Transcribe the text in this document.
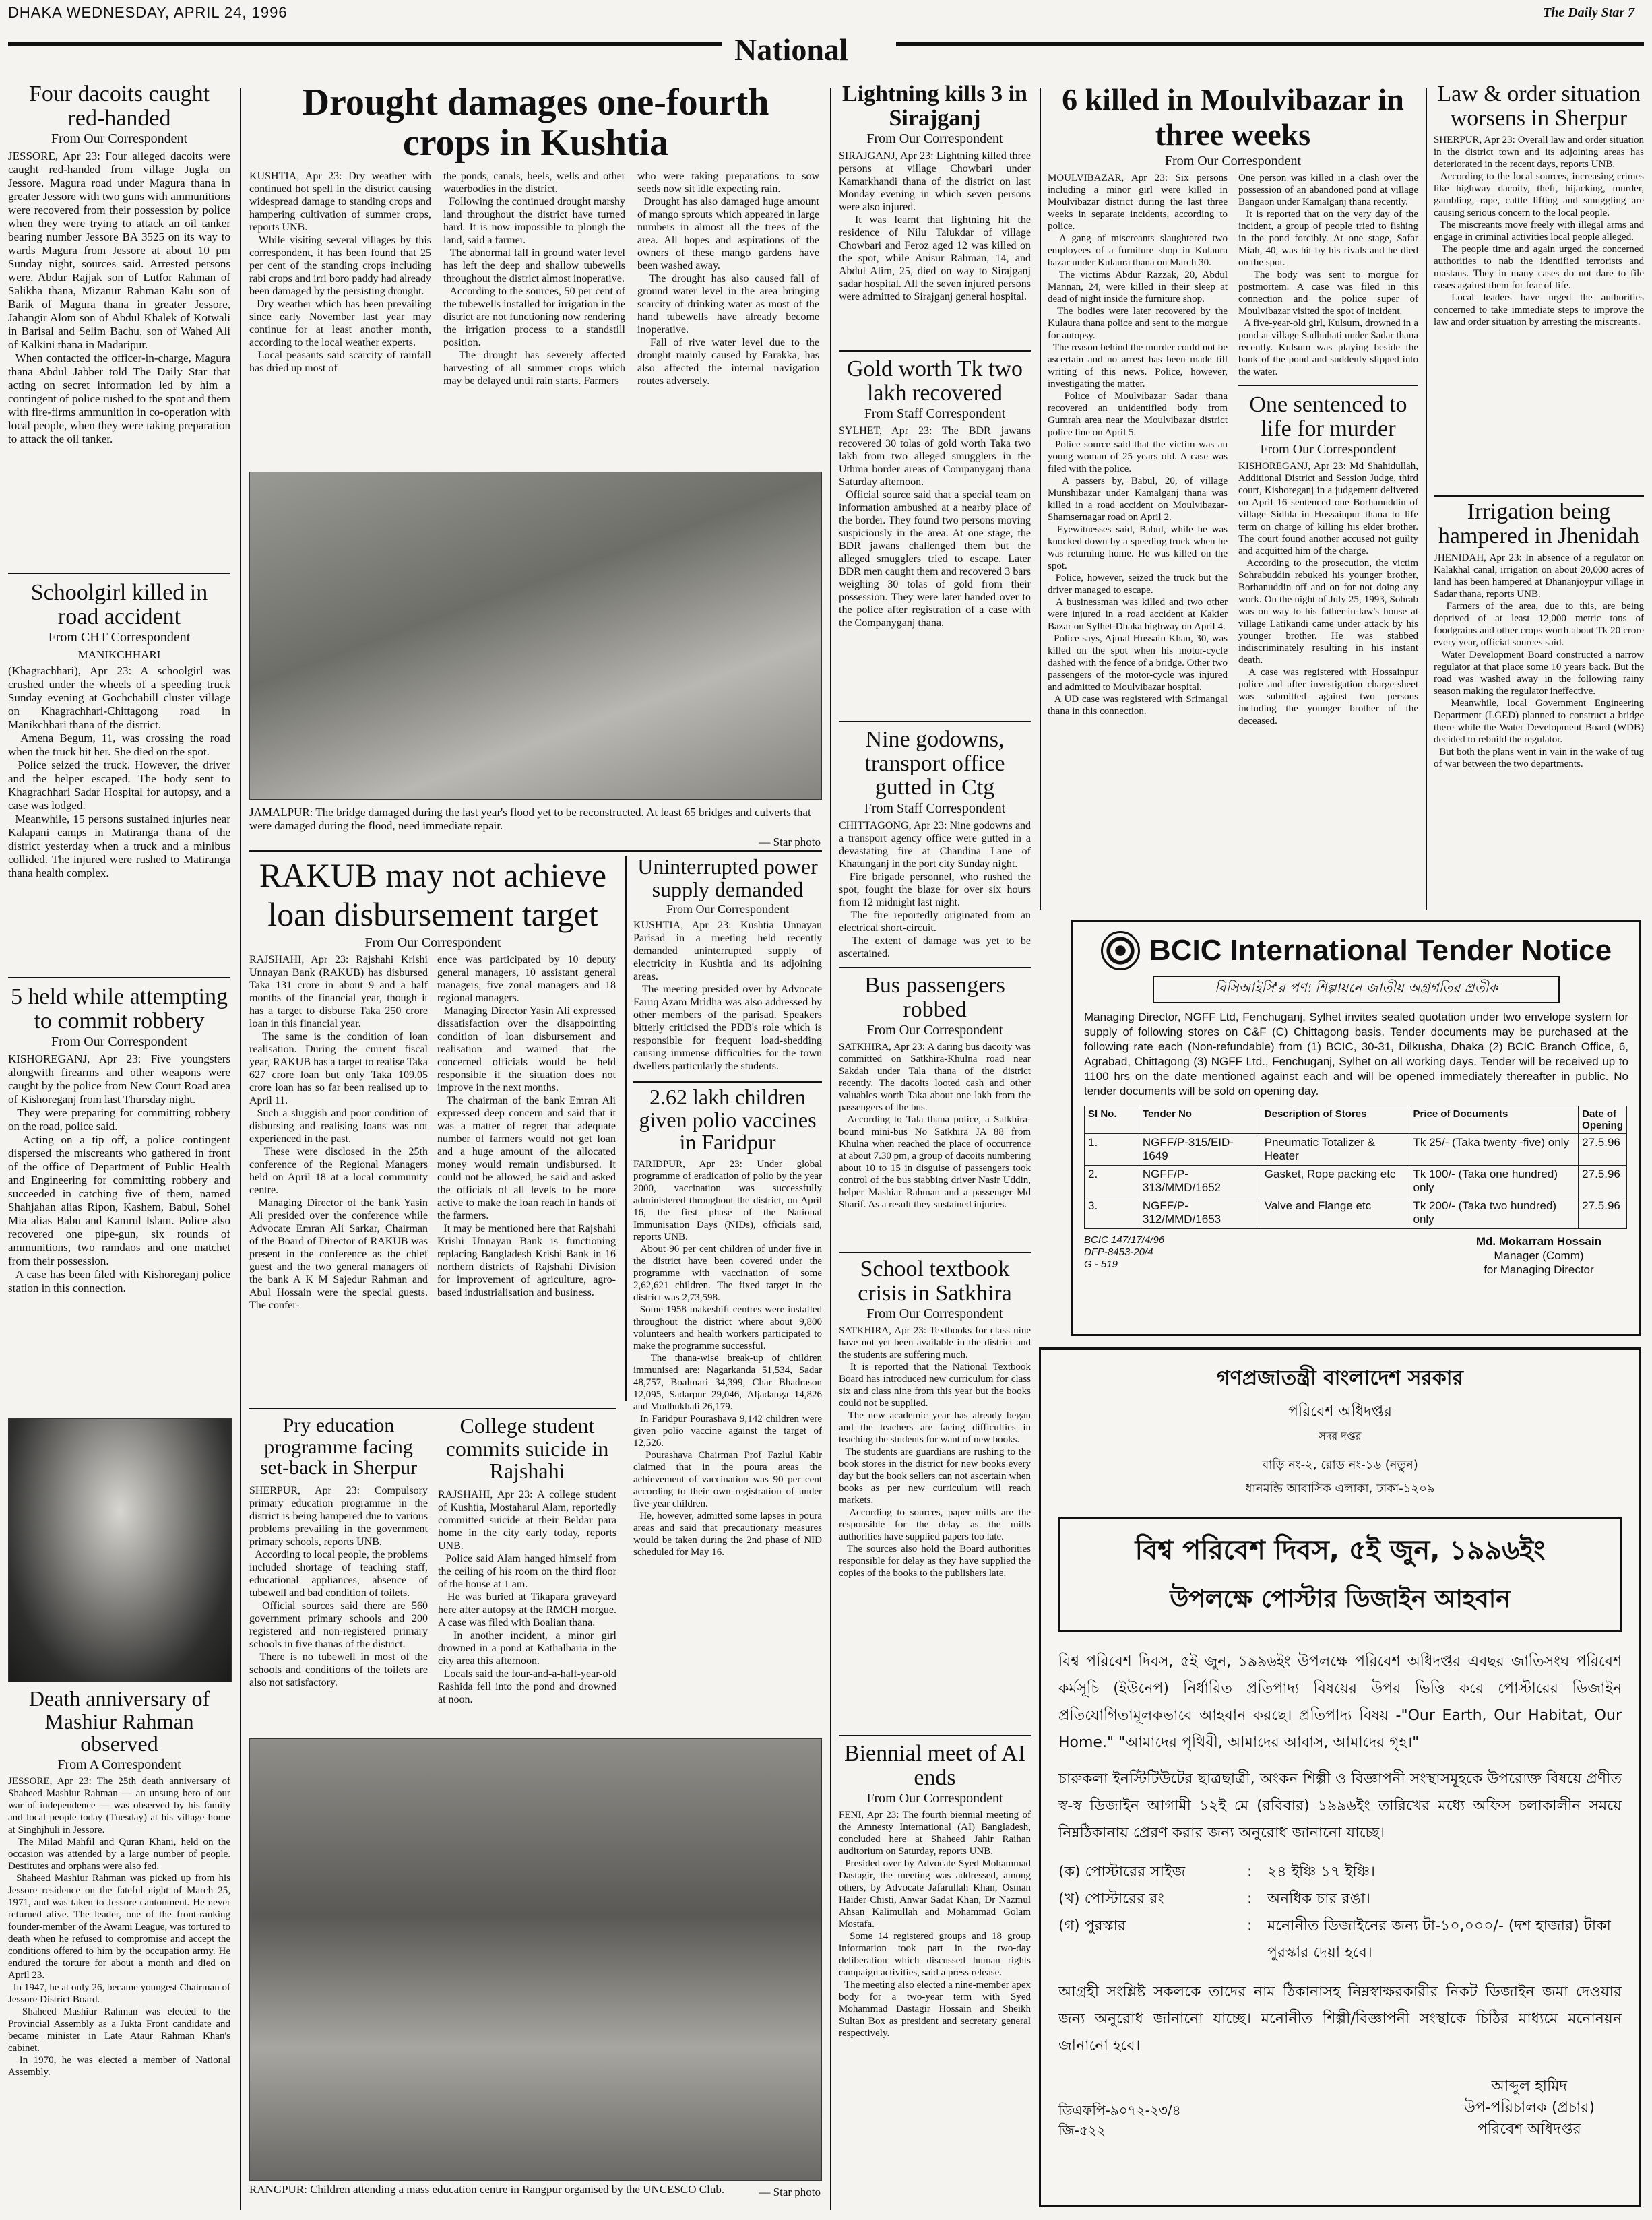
DHAKA WEDNESDAY, APRIL 24, 1996
National
The Daily Star 7
Four dacoits caught red-handed
From Our Correspondent

JESSORE, Apr 23: Four alleged dacoits were caught red-handed from village Jugla on Jessore. Magura road under Magura thana in greater Jessore with two guns with ammunitions were recovered from their possession by police when they were trying to attack an oil tanker bearing number Jessore BA 3525 on its way to wards Magura from Jessore at about 10 pm Sunday night, sources said. Arrested persons were, Abdur Rajjak son of Lutfor Rahman of Salikha thana, Mizanur Rahman Kalu son of Barik of Magura thana in greater Jessore, Jahangir Alom son of Abdul Khalek of Kotwali in Barisal and Selim Bachu, son of Wahed Ali of Kalkini thana in Madaripur.
When contacted the officer-in-charge, Magura thana Abdul Jabber told The Daily Star that acting on secret information led by him a contingent of police rushed to the spot and them with fire-firms ammunition in co-operation with local people, when they were taking preparation to attack the oil tanker.

Schoolgirl killed in road accident
From CHT Correspondent
MANIKCHHARI

(Khagrachhari), Apr 23: A schoolgirl was crushed under the wheels of a speeding truck Sunday evening at Gochchabill cluster village on Khagrachhari-Chittagong road in Manikchhari thana of the district.
Amena Begum, 11, was crossing the road when the truck hit her. She died on the spot.
Police seized the truck. However, the driver and the helper escaped. The body sent to Khagrachhari Sadar Hospital for autopsy, and a case was lodged.
Meanwhile, 15 persons sustained injuries near Kalapani camps in Matiranga thana of the district yesterday when a truck and a minibus collided. The injured were rushed to Matiranga thana health complex.

5 held while attempting to commit robbery
From Our Correspondent

KISHOREGANJ, Apr 23: Five youngsters alongwith firearms and other weapons were caught by the police from New Court Road area of Kishoreganj from last Thursday night.
They were preparing for committing robbery on the road, police said.
Acting on a tip off, a police contingent dispersed the miscreants who gathered in front of the office of Department of Public Health and Engineering for committing robbery and succeeded in catching five of them, named Shahjahan alias Ripon, Kashem, Babul, Sohel Mia alias Babu and Kamrul Islam. Police also recovered one pipe-gun, six rounds of ammunitions, two ramdaos and one matchet from their possession.
A case has been filed with Kishoreganj police station in this connection.

Death anniversary of Mashiur Rahman observed
From A Correspondent

JESSORE, Apr 23: The 25th death anniversary of Shaheed Mashiur Rahman — an unsung hero of our war of independence — was observed by his family and local people today (Tuesday) at his village home at Singhjhuli in Jessore.
The Milad Mahfil and Quran Khani, held on the occasion was attended by a large number of people. Destitutes and orphans were also fed.
Shaheed Mashiur Rahman was picked up from his Jessore residence on the fateful night of March 25, 1971, and was taken to Jessore cantonment. He never returned alive. The leader, one of the front-ranking founder-member of the Awami League, was tortured to death when he refused to compromise and accept the conditions offered to him by the occupation army. He endured the torture for about a month and died on April 23.
In 1947, he at only 26, became youngest Chairman of Jessore District Board.
Shaheed Mashiur Rahman was elected to the Provincial Assembly as a Jukta Front candidate and became minister in Late Ataur Rahman Khan's cabinet.
In 1970, he was elected a member of National Assembly.

Drought damages one-fourth crops in Kushtia

KUSHTIA, Apr 23: Dry weather with continued hot spell in the district causing widespread damage to standing crops and hampering cultivation of summer crops, reports UNB.
While visiting several villages by this correspondent, it has been found that 25 per cent of the standing crops including rabi crops and irri boro paddy had already been damaged by the persisting drought.
Dry weather which has been prevailing since early November last year may continue for at least another month, according to the local weather experts.
Local peasants said scarcity of rainfall has dried up most of

the ponds, canals, beels, wells and other waterbodies in the district.
Following the continued drought marshy land throughout the district have turned hard. It is now impossible to plough the land, said a farmer.
The abnormal fall in ground water level has left the deep and shallow tubewells throughout the district almost inoperative.
According to the sources, 50 per cent of the tubewells installed for irrigation in the district are not functioning now rendering the irrigation process to a standstill position.
The drought has severely affected harvesting of all summer crops which may be delayed until rain starts. Farmers

who were taking preparations to sow seeds now sit idle expecting rain.
Drought has also damaged huge amount of mango sprouts which appeared in large numbers in almost all the trees of the area. All hopes and aspirations of the owners of these mango gardens have been washed away.
The drought has also caused fall of ground water level in the area bringing scarcity of drinking water as most of the hand tubewells have already become inoperative.
Fall of rive water level due to the drought mainly caused by Farakka, has also affected the internal navigation routes adversely.

JAMALPUR: The bridge damaged during the last year's flood yet to be reconstructed. At least 65 bridges and culverts that were damaged during the flood, need immediate repair.

— Star photo
RAKUB may not achieve loan disbursement target
From Our Correspondent

RAJSHAHI, Apr 23: Rajshahi Krishi Unnayan Bank (RAKUB) has disbursed Taka 131 crore in about 9 and a half months of the financial year, though it has a target to disburse Taka 250 crore loan in this financial year.
The same is the condition of loan realisation. During the current fiscal year, RAKUB has a target to realise Taka 627 crore loan but only Taka 109.05 crore loan has so far been realised up to April 11.
Such a sluggish and poor condition of disbursing and realising loans was not experienced in the past.
These were disclosed in the 25th conference of the Regional Managers held on April 18 at a local community centre.
Managing Director of the bank Yasin Ali presided over the conference while Advocate Emran Ali Sarkar, Chairman of the Board of Director of RAKUB was present in the conference as the chief guest and the two general managers of the bank A K M Sajedur Rahman and Abul Hossain were the special guests. The confer-

ence was participated by 10 deputy general managers, 10 assistant general managers, five zonal managers and 18 regional managers.
Managing Director Yasin Ali expressed dissatisfaction over the disappointing condition of loan disbursement and realisation and warned that the concerned officials would be held responsible if the situation does not improve in the next months.
The chairman of the bank Emran Ali expressed deep concern and said that it was a matter of regret that adequate number of farmers would not get loan and a huge amount of the allocated money would remain undisbursed. It could not be allowed, he said and asked the officials of all levels to be more active to make the loan reach in hands of the farmers.
It may be mentioned here that Rajshahi Krishi Unnayan Bank is functioning replacing Bangladesh Krishi Bank in 16 northern districts of Rajshahi Division for improvement of agriculture, agro-based industrialisation and business.

Pry education programme facing set-back in Sherpur

SHERPUR, Apr 23: Compulsory primary education programme in the district is being hampered due to various problems prevailing in the government primary schools, reports UNB.
According to local people, the problems included shortage of teaching staff, educational appliances, absence of tubewell and bad condition of toilets.
Official sources said there are 560 government primary schools and 200 registered and non-registered primary schools in five thanas of the district.
There is no tubewell in most of the schools and conditions of the toilets are also not satisfactory.

College student commits suicide in Rajshahi

RAJSHAHI, Apr 23: A college student of Kushtia, Mostaharul Alam, reportedly committed suicide at their Beldar para home in the city early today, reports UNB.
Police said Alam hanged himself from the ceiling of his room on the third floor of the house at 1 am.
He was buried at Tikapara graveyard here after autopsy at the RMCH morgue. A case was filed with Boalian thana.
In another incident, a minor girl drowned in a pond at Kathalbaria in the city area this afternoon.
Locals said the four-and-a-half-year-old Rashida fell into the pond and drowned at noon.

RANGPUR: Children attending a mass education centre in Rangpur organised by the UNCESCO Club.	— Star photo
Uninterrupted power supply demanded
From Our Correspondent

KUSHTIA, Apr 23: Kushtia Unnayan Parisad in a meeting held recently demanded uninterrupted supply of electricity in Kushtia and its adjoining areas.
The meeting presided over by Advocate Faruq Azam Mridha was also addressed by other members of the parisad. Speakers bitterly criticised the PDB's role which is responsible for frequent load-shedding causing immense difficulties for the town dwellers particularly the students.

2.62 lakh children given polio vaccines in Faridpur

FARIDPUR, Apr 23: Under global programme of eradication of polio by the year 2000, vaccination was successfully administered throughout the district, on April 16, the first phase of the National Immunisation Days (NIDs), officials said, reports UNB.
About 96 per cent children of under five in the district have been covered under the programme with vaccination of some 2,62,621 children. The fixed target in the district was 2,73,598.
Some 1958 makeshift centres were installed throughout the district where about 9,800 volunteers and health workers participated to make the programme successful.
The thana-wise break-up of children immunised are: Nagarkanda 51,534, Sadar 48,757, Boalmari 34,399, Char Bhadrason 12,095, Sadarpur 29,046, Aljadanga 14,826 and Modhukhali 26,179.
In Faridpur Pourashava 9,142 children were given polio vaccine against the target of 12,526.
Pourashava Chairman Prof Fazlul Kabir claimed that in the poura areas the achievement of vaccination was 90 per cent according to their own registration of under five-year children.
He, however, admitted some lapses in poura areas and said that precautionary measures would be taken during the 2nd phase of NID scheduled for May 16.

Lightning kills 3 in Sirajganj
From Our Correspondent

SIRAJGANJ, Apr 23: Lightning killed three persons at village Chowbari under Kamarkhandi thana of the district on last Monday evening in which seven persons were also injured.
It was learnt that lightning hit the residence of Nilu Talukdar of village Chowbari and Feroz aged 12 was killed on the spot, while Anisur Rahman, 14, and Abdul Alim, 25, died on way to Sirajganj sadar hospital. All the seven injured persons were admitted to Sirajganj general hospital.

Gold worth Tk two lakh recovered
From Staff Correspondent

SYLHET, Apr 23: The BDR jawans recovered 30 tolas of gold worth Taka two lakh from two alleged smugglers in the Uthma border areas of Companyganj thana Saturday afternoon.
Official source said that a special team on information ambushed at a nearby place of the border. They found two persons moving suspiciously in the area. At one stage, the BDR jawans challenged them but the alleged smugglers tried to escape. Later BDR men caught them and recovered 3 bars weighing 30 tolas of gold from their possession. They were later handed over to the police after registration of a case with the Companyganj thana.

Nine godowns, transport office gutted in Ctg
From Staff Correspondent

CHITTAGONG, Apr 23: Nine godowns and a transport agency office were gutted in a devastating fire at Chandina Lane of Khatunganj in the port city Sunday night.
Fire brigade personnel, who rushed the spot, fought the blaze for over six hours from 12 midnight last night.
The fire reportedly originated from an electrical short-circuit.
The extent of damage was yet to be ascertained.

Bus passengers robbed
From Our Correspondent

SATKHIRA, Apr 23: A daring bus dacoity was committed on Satkhira-Khulna road near Sakdah under Tala thana of the district recently. The dacoits looted cash and other valuables worth Taka about one lakh from the passengers of the bus.
According to Tala thana police, a Satkhira-bound mini-bus No Satkhira JA 88 from Khulna when reached the place of occurrence at about 7.30 pm, a group of dacoits numbering about 10 to 15 in disguise of passengers took control of the bus stabbing driver Nasir Uddin, helper Mashiar Rahman and a passenger Md Sharif. As a result they sustained injuries.

School textbook crisis in Satkhira
From Our Correspondent

SATKHIRA, Apr 23: Textbooks for class nine have not yet been available in the district and the students are suffering much.
It is reported that the National Textbook Board has introduced new curriculum for class six and class nine from this year but the books could not be supplied.
The new academic year has already began and the teachers are facing difficulties in teaching the students for want of new books.
The students are guardians are rushing to the book stores in the district for new books every day but the book sellers can not ascertain when books as per new curriculum will reach markets.
According to sources, paper mills are the responsible for the delay as the mills authorities have supplied papers too late.
The sources also hold the Board authorities responsible for delay as they have supplied the copies of the books to the publishers late.

Biennial meet of AI ends
From Our Correspondent

FENI, Apr 23: The fourth biennial meeting of the Amnesty International (AI) Bangladesh, concluded here at Shaheed Jahir Raihan auditorium on Saturday, reports UNB.
Presided over by Advocate Syed Mohammad Dastagir, the meeting was addressed, among others, by Advocate Jafarullah Khan, Osman Haider Chisti, Anwar Sadat Khan, Dr Nazmul Ahsan Kalimullah and Mohammad Golam Mostafa.
Some 14 registered groups and 18 group information took part in the two-day deliberation which discussed human rights campaign activities, said a press release.
The meeting also elected a nine-member apex body for a two-year term with Syed Mohammad Dastagir Hossain and Sheikh Sultan Box as president and secretary general respectively.

6 killed in Moulvibazar in three weeks
From Our Correspondent

MOULVIBAZAR, Apr 23: Six persons including a minor girl were killed in Moulvibazar district during the last three weeks in separate incidents, according to police.
A gang of miscreants slaughtered two employees of a furniture shop in Kulaura bazar under Kulaura thana on March 30.
The victims Abdur Razzak, 20, Abdul Mannan, 24, were killed in their sleep at dead of night inside the furniture shop.
The bodies were later recovered by the Kulaura thana police and sent to the morgue for autopsy.
The reason behind the murder could not be ascertain and no arrest has been made till writing of this news. Police, however, investigating the matter.
Police of Moulvibazar Sadar thana recovered an unidentified body from Gumrah area near the Moulvibazar district police line on April 5.
Police source said that the victim was an young woman of 25 years old. A case was filed with the police.
A passers by, Babul, 20, of village Munshibazar under Kamalganj thana was killed in a road accident on Moulvibazar-Shamsernagar road on April 2.
Eyewitnesses said, Babul, while he was knocked down by a speeding truck when he was returning home. He was killed on the spot.
Police, however, seized the truck but the driver managed to escape.
A businessman was killed and two other were injured in a road accident at Kakier Bazar on Sylhet-Dhaka highway on April 4.
Police says, Ajmal Hussain Khan, 30, was killed on the spot when his motor-cycle dashed with the fence of a bridge. Other two passengers of the motor-cycle was injured and admitted to Moulvibazar hospital.
A UD case was registered with Srimangal thana in this connection.

One person was killed in a clash over the possession of an abandoned pond at village Bangaon under Kamalganj thana recently.
It is reported that on the very day of the incident, a group of people tried to fishing in the pond forcibly. At one stage, Safar Miah, 40, was hit by his rivals and he died on the spot.
The body was sent to morgue for postmortem. A case was filed in this connection and the police super of Moulvibazar visited the spot of incident.
A five-year-old girl, Kulsum, drowned in a pond at village Sadhuhati under Sadar thana recently. Kulsum was playing beside the bank of the pond and suddenly slipped into the water.

One sentenced to life for murder
From Our Correspondent

KISHOREGANJ, Apr 23: Md Shahidullah, Additional District and Session Judge, third court, Kishoreganj in a judgement delivered on April 16 sentenced one Borhanuddin of village Sidhla in Hossainpur thana to life term on charge of killing his elder brother. The court found another accused not guilty and acquitted him of the charge.
According to the prosecution, the victim Sohrabuddin rebuked his younger brother, Borhanuddin off and on for not doing any work. On the night of July 25, 1993, Sohrab was on way to his father-in-law's house at village Latikandi came under attack by his younger brother. He was stabbed indiscriminately resulting in his instant death.
A case was registered with Hossainpur police and after investigation charge-sheet was submitted against two persons including the younger brother of the deceased.

Law & order situation worsens in Sherpur

SHERPUR, Apr 23: Overall law and order situation in the district town and its adjoining areas has deteriorated in the recent days, reports UNB.
According to the local sources, increasing crimes like highway dacoity, theft, hijacking, murder, gambling, rape, cattle lifting and smuggling are causing serious concern to the local people.
The miscreants move freely with illegal arms and engage in criminal activities local people alleged.
The people time and again urged the concerned authorities to nab the identified terrorists and mastans. They in many cases do not dare to file cases against them for fear of life.
Local leaders have urged the authorities concerned to take immediate steps to improve the law and order situation by arresting the miscreants.

Irrigation being hampered in Jhenidah

JHENIDAH, Apr 23: In absence of a regulator on Kalakhal canal, irrigation on about 20,000 acres of land has been hampered at Dhananjoypur village in Sadar thana, reports UNB.
Farmers of the area, due to this, are being deprived of at least 12,000 metric tons of foodgrains and other crops worth about Tk 20 crore every year, official sources said.
Water Development Board constructed a narrow regulator at that place some 10 years back. But the road was washed away in the following rainy season making the regulator ineffective.
Meanwhile, local Government Engineering Department (LGED) planned to construct a bridge there while the Water Development Board (WDB) decided to rebuild the regulator.
But both the plans went in vain in the wake of tug of war between the two departments.

BCIC International Tender Notice
বিসিআইসি'র পণ্য শিল্পায়নে জাতীয় অগ্রগতির প্রতীক

Managing Director, NGFF Ltd, Fenchuganj, Sylhet invites sealed quotation under two envelope system for supply of following stores on C&F (C) Chittagong basis. Tender documents may be purchased at the following rate each (Non-refundable) from (1) BCIC, 30-31, Dilkusha, Dhaka (2) BCIC Branch Office, 6, Agrabad, Chittagong (3) NGFF Ltd., Fenchuganj, Sylhet on all working days. Tender will be received up to 1100 hrs on the date mentioned against each and will be opened immediately thereafter in public. No tender documents will be sold on opening day.

Sl No.	Tender No	Description of Stores	Price of Documents	Date of Opening
1.	NGFF/P-315/EID-1649	Pneumatic Totalizer & Heater	Tk 25/- (Taka twenty -five) only	27.5.96
2.	NGFF/P-313/MMD/1652	Gasket, Rope packing etc	Tk 100/- (Taka one hundred) only	27.5.96
3.	NGFF/P-312/MMD/1653	Valve and Flange etc	Tk 200/- (Taka two hundred) only	27.5.96
BCIC 147/17/4/96
DFP-8453-20/4
G - 519
Md. Mokarram Hossain
Manager (Comm)
for Managing Director
গণপ্রজাতন্ত্রী বাংলাদেশ সরকার
পরিবেশ অধিদপ্তর
সদর দপ্তর
বাড়ি নং-২, রোড নং-১৬ (নতুন)
ধানমন্ডি আবাসিক এলাকা, ঢাকা-১২০৯
বিশ্ব পরিবেশ দিবস, ৫ই জুন, ১৯৯৬ইং
উপলক্ষে পোস্টার ডিজাইন আহবান

বিশ্ব পরিবেশ দিবস, ৫ই জুন, ১৯৯৬ইং উপলক্ষে পরিবেশ অধিদপ্তর এবছর জাতিসংঘ পরিবেশ কর্মসূচি (ইউনেপ) নির্ধারিত প্রতিপাদ্য বিষয়ের উপর ভিত্তি করে পোস্টারের ডিজাইন প্রতিযোগিতামূলকভাবে আহবান করছে। প্রতিপাদ্য বিষয় -"Our Earth, Our Habitat, Our Home." "আমাদের পৃথিবী, আমাদের আবাস, আমাদের গৃহ।"

চারুকলা ইনস্টিটিউটের ছাত্রছাত্রী, অংকন শিল্পী ও বিজ্ঞাপনী সংস্থাসমূহকে উপরোক্ত বিষয়ে প্রণীত স্ব-স্ব ডিজাইন আগামী ১২ই মে (রবিবার) ১৯৯৬ইং তারিখের মধ্যে অফিস চলাকালীন সময়ে নিম্নঠিকানায় প্রেরণ করার জন্য অনুরোধ জানানো যাচ্ছে।

(ক) পোস্টারের সাইজ	:	২৪ ইঞ্চি ১৭ ইঞ্চি।
(খ) পোস্টারের রং	:	অনধিক চার রঙা।
(গ) পুরস্কার	:	মনোনীত ডিজাইনের জন্য টা-১০,০০০/- (দশ হাজার) টাকা পুরস্কার দেয়া হবে।

আগ্রহী সংশ্লিষ্ট সকলকে তাদের নাম ঠিকানাসহ নিম্নস্বাক্ষরকারীর নিকট ডিজাইন জমা দেওয়ার জন্য অনুরোধ জানানো যাচ্ছে। মনোনীত শিল্পী/বিজ্ঞাপনী সংস্থাকে চিঠির মাধ্যমে মনোনয়ন জানানো হবে।

ডিএফপি-৯০৭২-২৩/৪
জি-৫২২
আব্দুল হামিদ
উপ-পরিচালক (প্রচার)
পরিবেশ অধিদপ্তর
